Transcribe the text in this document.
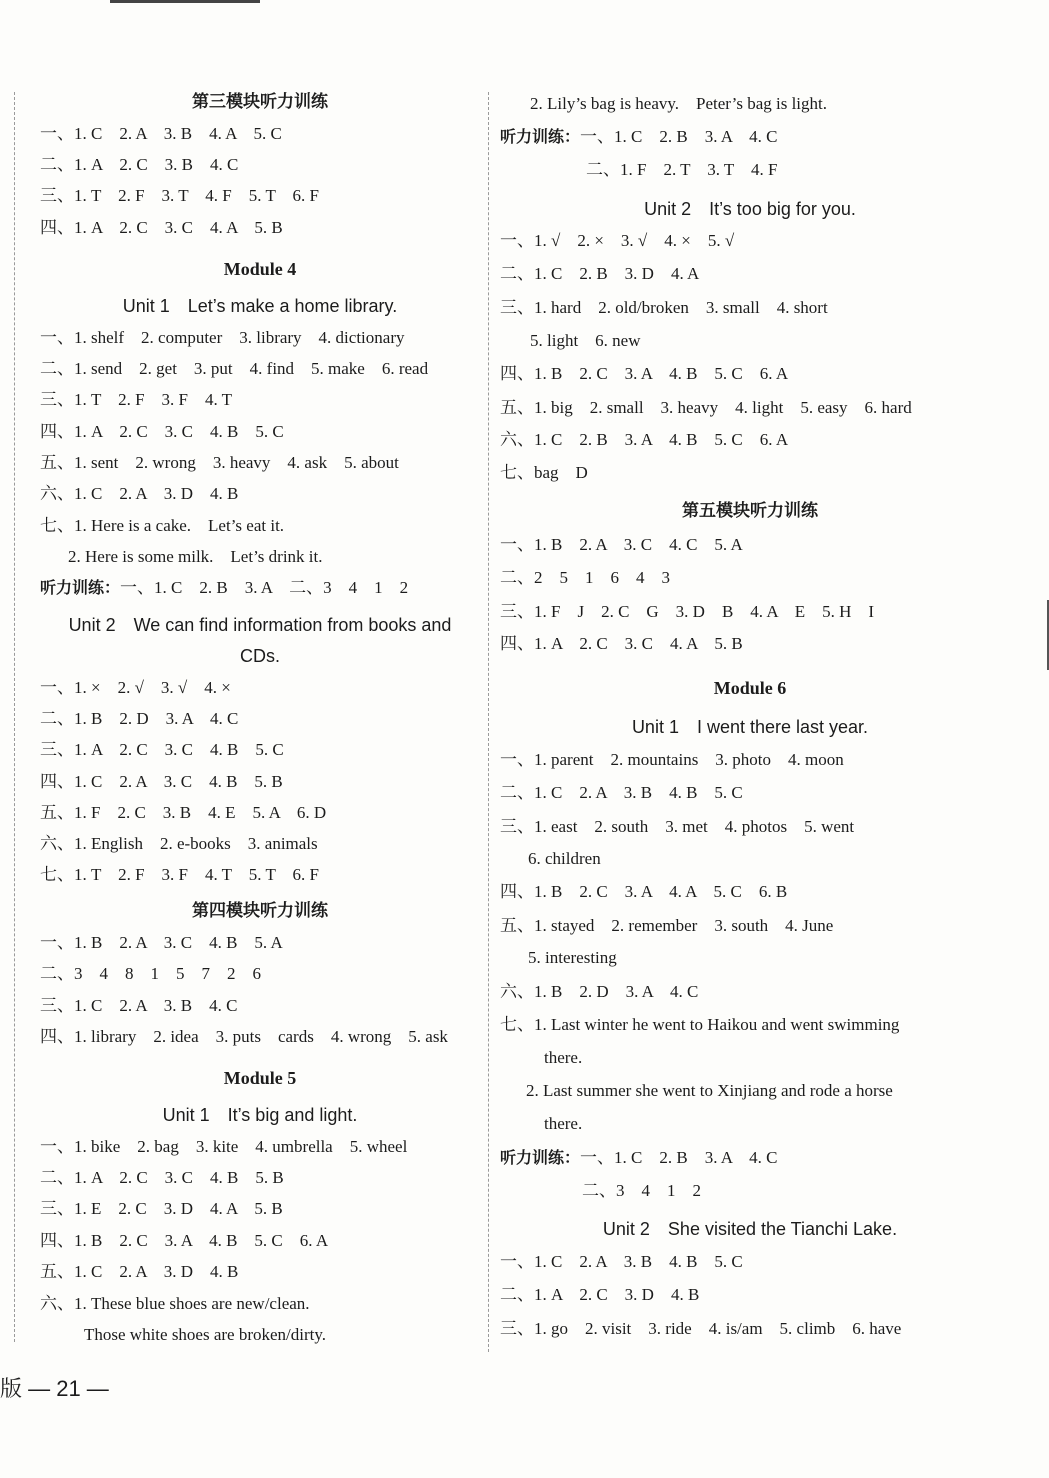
第三模块听力训练
一、1. C　2. A　3. B　4. A　5. C
二、1. A　2. C　3. B　4. C
三、1. T　2. F　3. T　4. F　5. T　6. F
四、1. A　2. C　3. C　4. A　5. B
Module 4
Unit 1　Let’s make a home library.
一、1. shelf　2. computer　3. library　4. dictionary
二、1. send　2. get　3. put　4. find　5. make　6. read
三、1. T　2. F　3. F　4. T
四、1. A　2. C　3. C　4. B　5. C
五、1. sent　2. wrong　3. heavy　4. ask　5. about
六、1. C　2. A　3. D　4. B
七、1. Here is a cake.　Let’s eat it.
2. Here is some milk.　Let’s drink it.
听力训练：一、1. C　2. B　3. A　二、3　4　1　2
Unit 2　We can find information from books and
CDs.
一、1. ×　2. √　3. √　4. ×
二、1. B　2. D　3. A　4. C
三、1. A　2. C　3. C　4. B　5. C
四、1. C　2. A　3. C　4. B　5. B
五、1. F　2. C　3. B　4. E　5. A　6. D
六、1. English　2. e-books　3. animals
七、1. T　2. F　3. F　4. T　5. T　6. F
第四模块听力训练
一、1. B　2. A　3. C　4. B　5. A
二、3　4　8　1　5　7　2　6
三、1. C　2. A　3. B　4. C
四、1. library　2. idea　3. puts　cards　4. wrong　5. ask
Module 5
Unit 1　It’s big and light.
一、1. bike　2. bag　3. kite　4. umbrella　5. wheel
二、1. A　2. C　3. C　4. B　5. B
三、1. E　2. C　3. D　4. A　5. B
四、1. B　2. C　3. A　4. B　5. C　6. A
五、1. C　2. A　3. D　4. B
六、1. These blue shoes are new/clean.
Those white shoes are broken/dirty.
2. Lily’s bag is heavy.　Peter’s bag is light.
听力训练：一、1. C　2. B　3. A　4. C
二、1. F　2. T　3. T　4. F
Unit 2　It’s too big for you.
一、1. √　2. ×　3. √　4. ×　5. √
二、1. C　2. B　3. D　4. A
三、1. hard　2. old/broken　3. small　4. short
5. light　6. new
四、1. B　2. C　3. A　4. B　5. C　6. A
五、1. big　2. small　3. heavy　4. light　5. easy　6. hard
六、1. C　2. B　3. A　4. B　5. C　6. A
七、bag　D
第五模块听力训练
一、1. B　2. A　3. C　4. C　5. A
二、2　5　1　6　4　3
三、1. F　J　2. C　G　3. D　B　4. A　E　5. H　I
四、1. A　2. C　3. C　4. A　5. B
Module 6
Unit 1　I went there last year.
一、1. parent　2. mountains　3. photo　4. moon
二、1. C　2. A　3. B　4. B　5. C
三、1. east　2. south　3. met　4. photos　5. went
6. children
四、1. B　2. C　3. A　4. A　5. C　6. B
五、1. stayed　2. remember　3. south　4. June
5. interesting
六、1. B　2. D　3. A　4. C
七、1. Last winter he went to Haikou and went swimming
there.
2. Last summer she went to Xinjiang and rode a horse
there.
听力训练：一、1. C　2. B　3. A　4. C
二、3　4　1　2
Unit 2　She visited the Tianchi Lake.
一、1. C　2. A　3. B　4. B　5. C
二、1. A　2. C　3. D　4. B
三、1. go　2. visit　3. ride　4. is/am　5. climb　6. have
版 — 21 —
